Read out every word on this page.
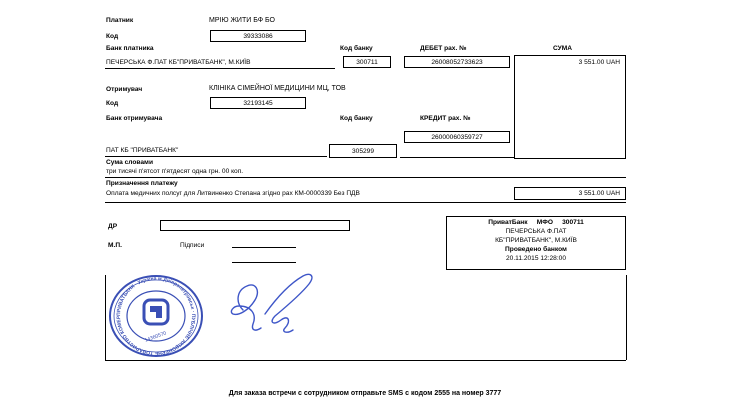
Платник	МРІЮ ЖИТИ БФ БО
Код	39333086
Банк платника	Код банку	ДЕБЕТ рах. №	СУМА
ПЕЧЕРСЬКА Ф.ПАТ КБ"ПРИВАТБАНК", М.КИЇВ	300711	26008052733623	3 551.00 UAH
Отримувач	КЛІНІКА СІМЕЙНОЇ МЕДИЦИНИ МЦ, ТОВ
Код	32193145
Банк отримувача	Код банку	КРЕДИТ рах. №
26000060359727
ПАТ КБ "ПРИВАТБАНК"	305299
Сума словами
три тисячі п'ятсот п'ятдесят одна грн. 00 коп.
Призначення платежу
Оплата медичних полсуг для Литвиненко Степана згідно рах КМ-0000339 Без ПДВ	3 551.00 UAH
ДР
М.П.	Підписи
ПриватБанк     МФО     300711
ПЕЧЕРСЬКА Ф.ПАТ
КБ"ПРИВАТБАНК", М.КИЇВ
Проведено банком
20.11.2015 12:28:00
ПРИВАТБАНК · Україна м.Дніпропетровськ · ПУБЛІЧНЕ АКЦІОНЕРНЕ ТОВАРИСТВО КОМЕР
14360570
Для заказа встречи с сотрудником отправьте SMS с кодом 2555 на номер 3777
